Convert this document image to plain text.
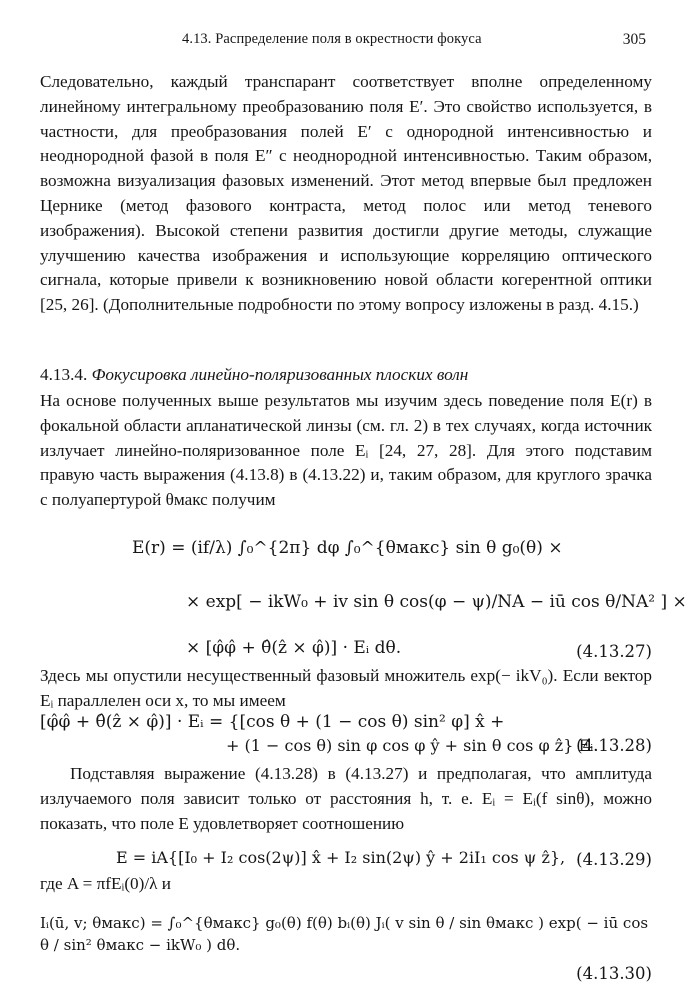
4.13. Распределение поля в окрестности фокуса	305
Следовательно, каждый транспарант соответствует вполне определенному линейному интегральному преобразованию поля E′. Это свойство используется, в частности, для преобразования полей E′ с однородной интенсивностью и неоднородной фазой в поля E″ с неоднородной интенсивностью. Таким образом, возможна визуализация фазовых изменений. Этот метод впервые был предложен Цернике (метод фазового контраста, метод полос или метод теневого изображения). Высокой степени развития достигли другие методы, служащие улучшению качества изображения и использующие корреляцию оптического сигнала, которые привели к возникновению новой области когерентной оптики [25, 26]. (Дополнительные подробности по этому вопросу изложены в разд. 4.15.)
4.13.4. Фокусировка линейно-поляризованных плоских волн
На основе полученных выше результатов мы изучим здесь поведение поля E(r) в фокальной области апланатической линзы (см. гл. 2) в тех случаях, когда источник излучает линейно-поляризованное поле Eᵢ [24, 27, 28]. Для этого подставим правую часть выражения (4.13.8) в (4.13.22) и, таким образом, для круглого зрачка с полуапертурой θмакс получим
E(r) = (if/λ) ∫₀^{2π} dφ ∫₀^{θмакс} sin θ g₀(θ) ×
× exp[ − ikW₀ + iv sin θ cos(φ − ψ)/NA − iū cos θ/NA² ] ×
× [φ̂φ̂ + θ̂(ẑ × φ̂)] · Eᵢ dθ.	(4.13.27)
Здесь мы опустили несущественный фазовый множитель exp(− ikV₀). Если вектор Eᵢ параллелен оси x, то мы имеем
[φ̂φ̂ + θ̂(ẑ × φ̂)] · Eᵢ = {[cos θ + (1 − cos θ) sin² φ] x̂ +
+ (1 − cos θ) sin φ cos φ ŷ + sin θ cos φ ẑ} Eᵢ.
(4.13.28)
Подставляя выражение (4.13.28) в (4.13.27) и предполагая, что амплитуда излучаемого поля зависит только от расстояния h, т. е. Eᵢ = Eᵢ(f sinθ), можно показать, что поле E удовлетворяет соотношению
E = iA{[I₀ + I₂ cos(2ψ)] x̂ + I₂ sin(2ψ) ŷ + 2iI₁ cos ψ ẑ}, (4.13.29)
где A = πfEᵢ(0)/λ и
Iᵢ(ū, v; θмакс) = ∫₀^{θмакс} g₀(θ) f(θ) bᵢ(θ) Jᵢ( v sin θ / sin θмакс ) exp( − iū cos θ / sin² θмакс − ikW₀ ) dθ.
(4.13.30)
